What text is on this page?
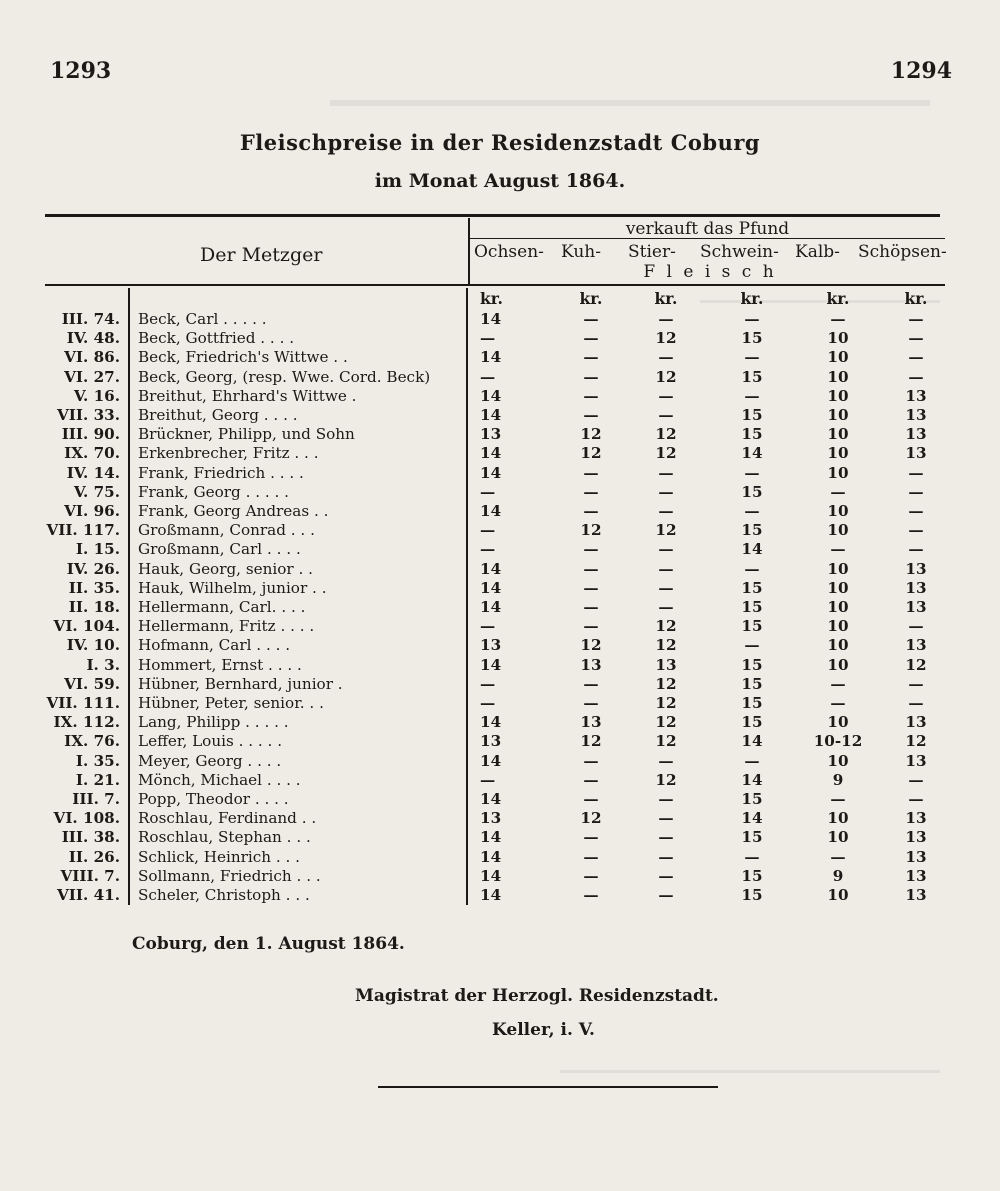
1293	1294
Fleischpreise in der Residenzstadt Coburg
im Monat August 1864.
Der Metzger
verkauft das Pfund
F l e i s c h
Ochsen- Kuh- Stier- Schwein- Kalb- Schöpsen-
		kr.	kr.	kr.	kr.	kr.	kr.
III. 74.	Beck, Carl . . . . .	14	—	—	—	—	—
IV. 48.	Beck, Gottfried . . . .	—	—	12	15	10	—
VI. 86.	Beck, Friedrich's Wittwe . .	14	—	—	—	10	—
VI. 27.	Beck, Georg, (resp. Wwe. Cord. Beck)	—	—	12	15	10	—
V. 16.	Breithut, Ehrhard's Wittwe .	14	—	—	—	10	13
VII. 33.	Breithut, Georg . . . .	14	—	—	15	10	13
III. 90.	Brückner, Philipp, und Sohn	13	12	12	15	10	13
IX. 70.	Erkenbrecher, Fritz . . .	14	12	12	14	10	13
IV. 14.	Frank, Friedrich . . . .	14	—	—	—	10	—
V. 75.	Frank, Georg . . . . .	—	—	—	15	—	—
VI. 96.	Frank, Georg Andreas . .	14	—	—	—	10	—
VII. 117.	Großmann, Conrad . . .	—	12	12	15	10	—
I. 15.	Großmann, Carl . . . .	—	—	—	14	—	—
IV. 26.	Hauk, Georg, senior . .	14	—	—	—	10	13
II. 35.	Hauk, Wilhelm, junior . .	14	—	—	15	10	13
II. 18.	Hellermann, Carl. . . .	14	—	—	15	10	13
VI. 104.	Hellermann, Fritz . . . .	—	—	12	15	10	—
IV. 10.	Hofmann, Carl . . . .	13	12	12	—	10	13
I. 3.	Hommert, Ernst . . . .	14	13	13	15	10	12
VI. 59.	Hübner, Bernhard, junior .	—	—	12	15	—	—
VII. 111.	Hübner, Peter, senior. . .	—	—	12	15	—	—
IX. 112.	Lang, Philipp . . . . .	14	13	12	15	10	13
IX. 76.	Leffer, Louis . . . . .	13	12	12	14	10-12	12
I. 35.	Meyer, Georg . . . .	14	—	—	—	10	13
I. 21.	Mönch, Michael . . . .	—	—	12	14	9	—
III. 7.	Popp, Theodor . . . .	14	—	—	15	—	—
VI. 108.	Roschlau, Ferdinand . .	13	12	—	14	10	13
III. 38.	Roschlau, Stephan . . .	14	—	—	15	10	13
II. 26.	Schlick, Heinrich . . .	14	—	—	—	—	13
VIII. 7.	Sollmann, Friedrich . . .	14	—	—	15	9	13
VII. 41.	Scheler, Christoph . . .	14	—	—	15	10	13
Coburg, den 1. August 1864.
Magistrat der Herzogl. Residenzstadt.
Keller, i. V.
